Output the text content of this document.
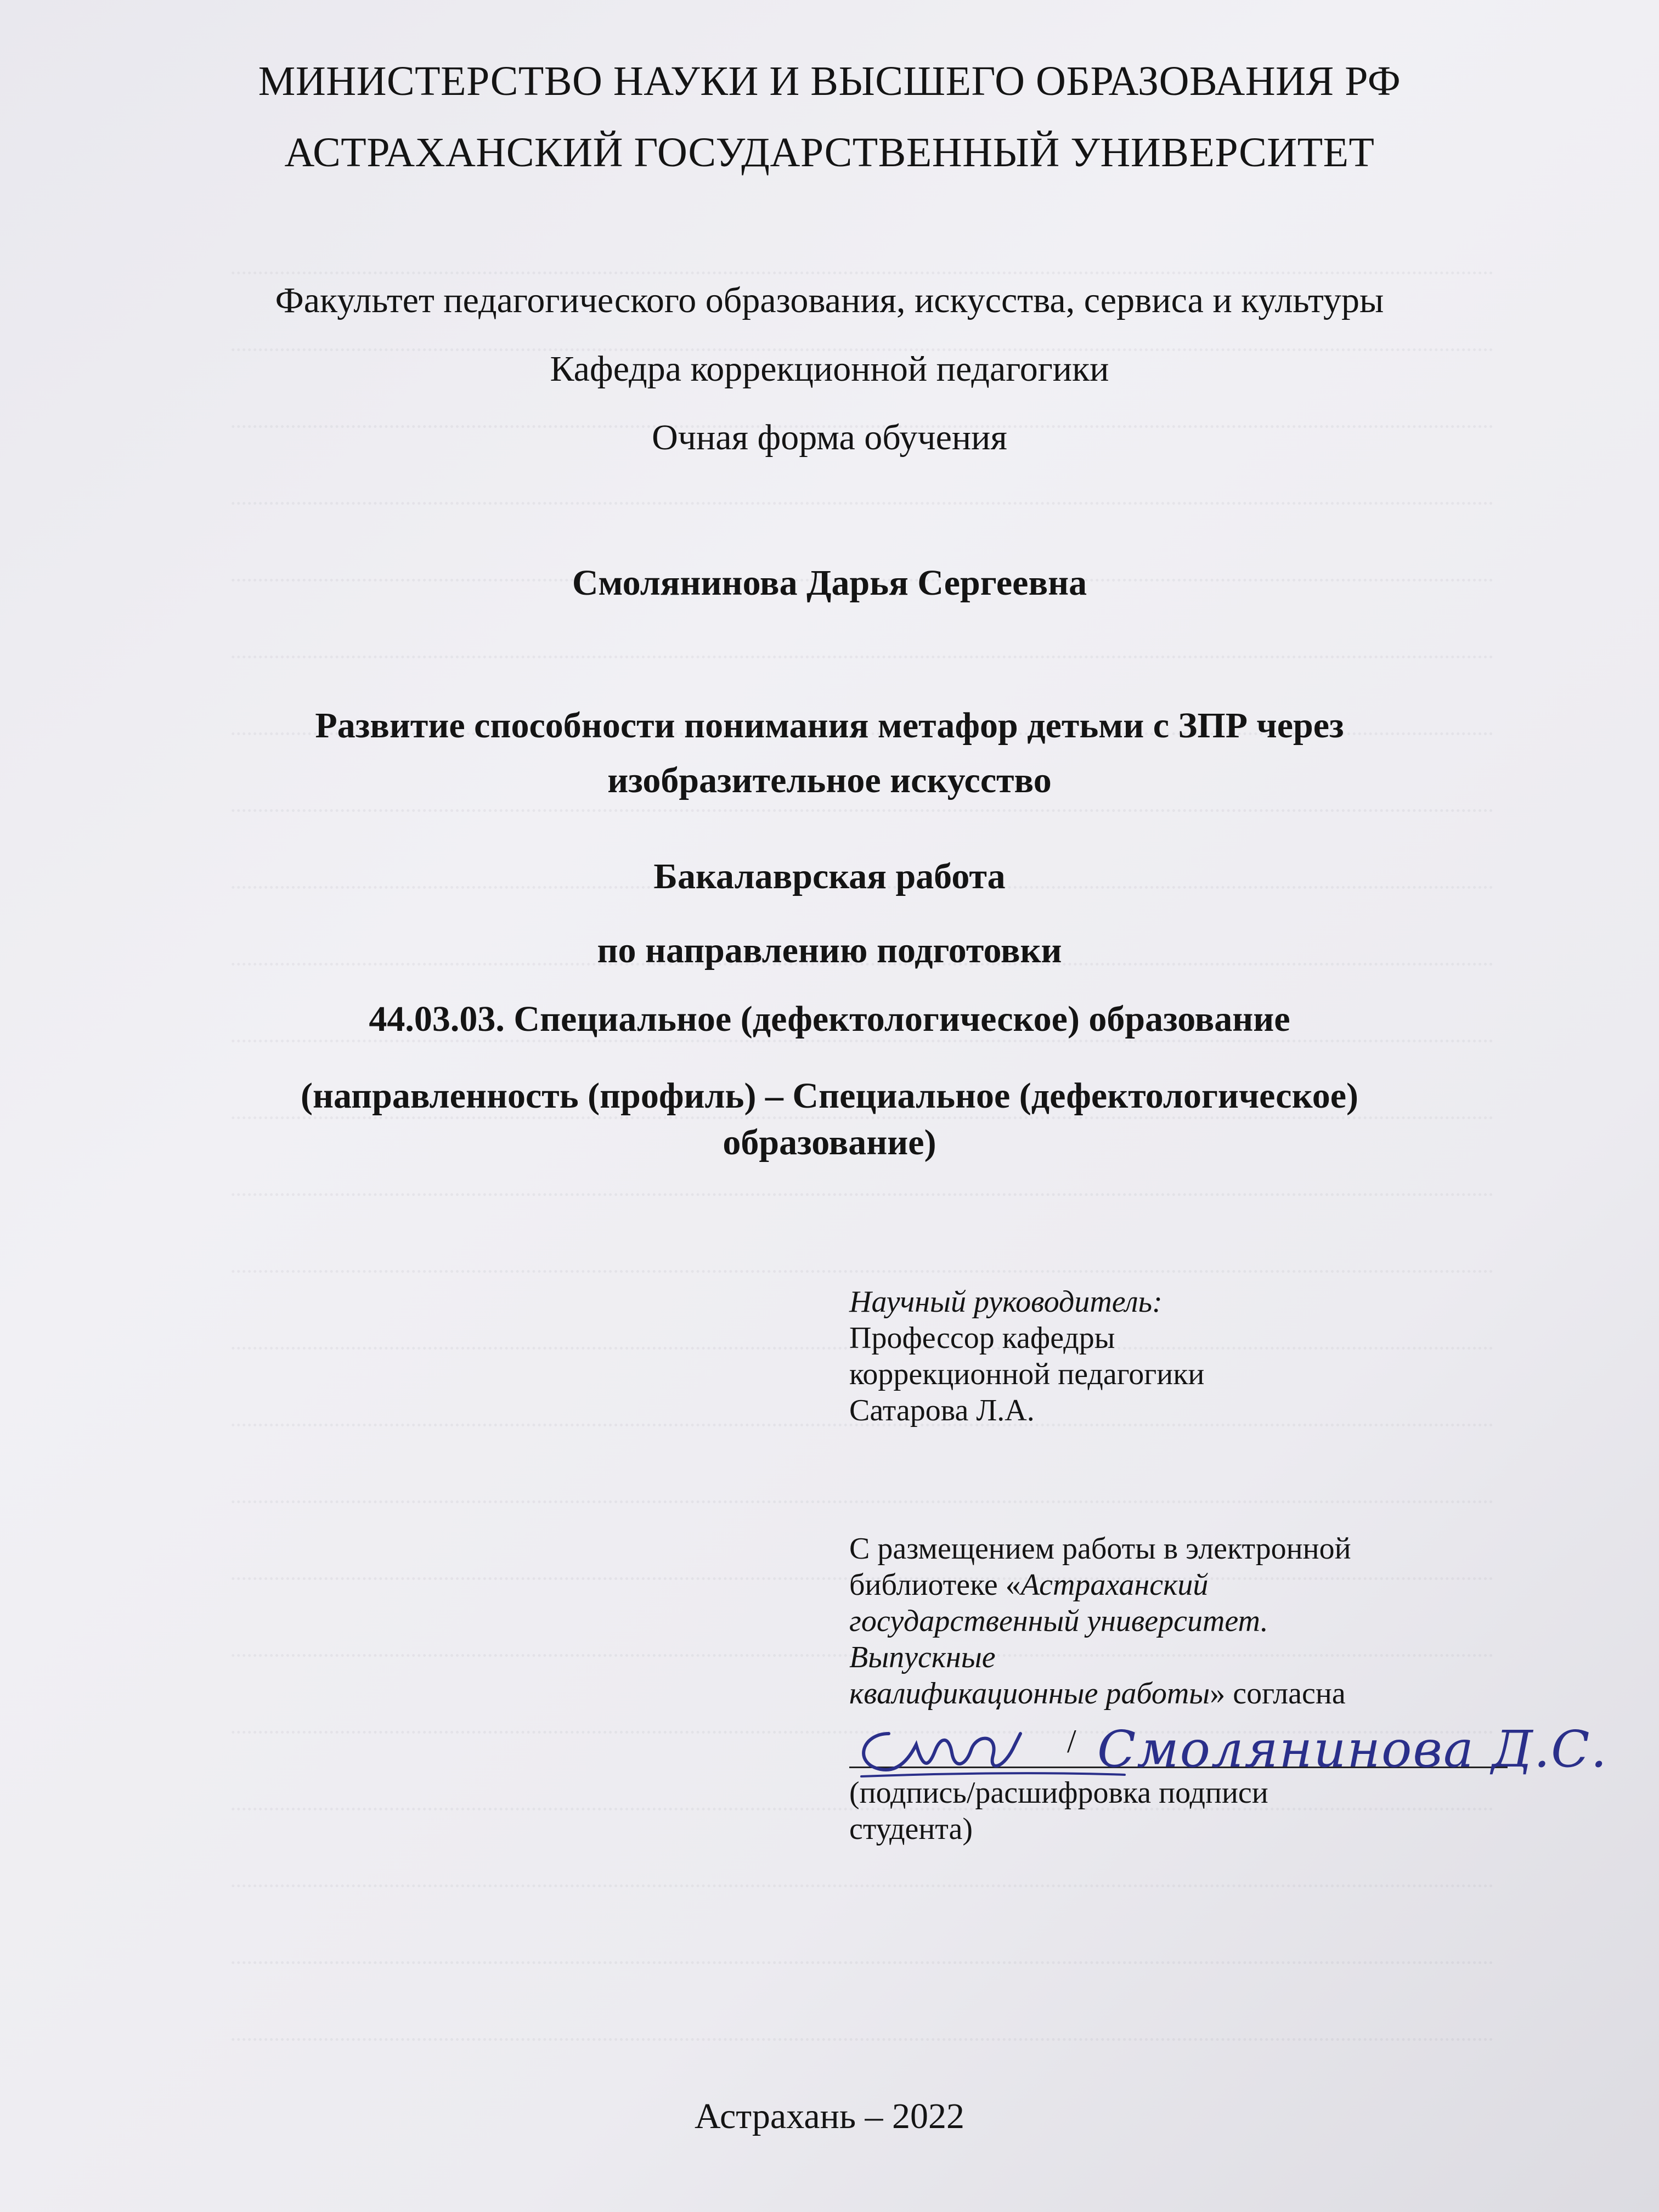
МИНИСТЕРСТВО НАУКИ И ВЫСШЕГО ОБРАЗОВАНИЯ РФ
АСТРАХАНСКИЙ ГОСУДАРСТВЕННЫЙ УНИВЕРСИТЕТ
Факультет педагогического образования, искусства, сервиса и культуры
Кафедра коррекционной педагогики
Очная форма обучения
Смолянинова Дарья Сергеевна
Развитие способности понимания метафор детьми с ЗПР через
изобразительное искусство
Бакалаврская работа
по направлению подготовки
44.03.03. Специальное (дефектологическое) образование
(направленность (профиль) – Специальное (дефектологическое)
образование)
Научный руководитель:
Профессор кафедры
коррекционной педагогики
Сатарова Л.А.
С размещением работы в электронной
библиотеке «Астраханский
государственный университет.
Выпускные
квалификационные работы» согласна
/ Смолянинова Д.С.
(подпись/расшифровка подписи
студента)
Астрахань – 2022
